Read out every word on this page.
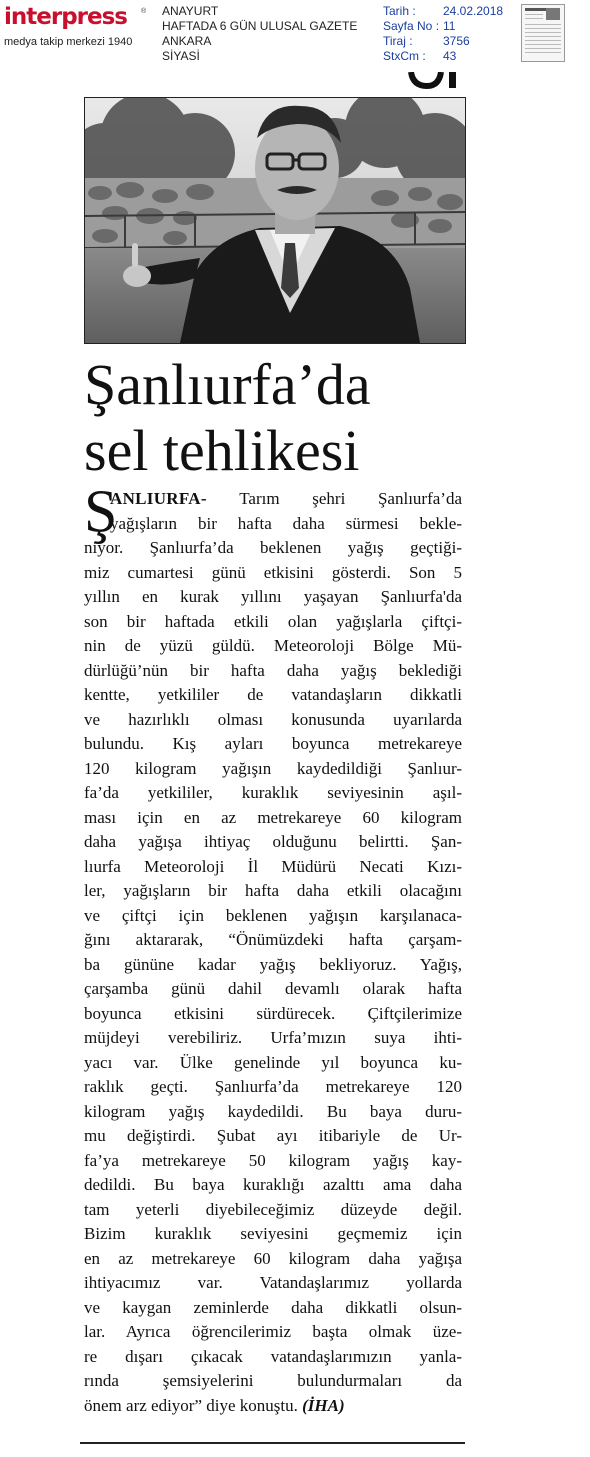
interpress ®
medya takip merkezi 1940
ANAYURT
HAFTADA 6 GÜN ULUSAL GAZETE
ANKARA
SİYASİ
Tarih : 24.02.2018
Sayfa No : 11
Tiraj :	3756
StxCm : 43
Şanlıurfa’da
sel tehlikesi
Ş
ANLIURFA- Tarım şehri Şanlıurfa’da
yağışların bir hafta daha sürmesi bekle-
niyor. Şanlıurfa’da beklenen yağış geçtiği-
miz cumartesi günü etkisini gösterdi. Son 5
yıllın en kurak yıllını yaşayan Şanlıurfa'da
son bir haftada etkili olan yağışlarla çiftçi-
nin de yüzü güldü. Meteoroloji Bölge Mü-
dürlüğü’nün bir hafta daha yağış beklediği
kentte, yetkililer de vatandaşların dikkatli
ve hazırlıklı olması konusunda uyarılarda
bulundu. Kış ayları boyunca metrekareye
120 kilogram yağışın kaydedildiği Şanlıur-
fa’da yetkililer, kuraklık seviyesinin aşıl-
ması için en az metrekareye 60 kilogram
daha yağışa ihtiyaç olduğunu belirtti. Şan-
lıurfa Meteoroloji İl Müdürü Necati Kızı-
ler, yağışların bir hafta daha etkili olacağını
ve çiftçi için beklenen yağışın karşılanaca-
ğını aktararak, “Önümüzdeki hafta çarşam-
ba gününe kadar yağış bekliyoruz. Yağış,
çarşamba günü dahil devamlı olarak hafta
boyunca etkisini sürdürecek. Çiftçilerimize
müjdeyi verebiliriz. Urfa’mızın suya ihti-
yacı var. Ülke genelinde yıl boyunca ku-
raklık geçti. Şanlıurfa’da metrekareye 120
kilogram yağış kaydedildi. Bu baya duru-
mu değiştirdi. Şubat ayı itibariyle de Ur-
fa’ya metrekareye 50 kilogram yağış kay-
dedildi. Bu baya kuraklığı azalttı ama daha
tam yeterli diyebileceğimiz düzeyde değil.
Bizim kuraklık seviyesini geçmemiz için
en az metrekareye 60 kilogram daha yağışa
ihtiyacımız var. Vatandaşlarımız yollarda
ve kaygan zeminlerde daha dikkatli olsun-
lar. Ayrıca öğrencilerimiz başta olmak üze-
re dışarı çıkacak vatandaşlarımızın yanla-
rında şemsiyelerini bulundurmaları da
önem arz ediyor” diye konuştu. (İHA)
